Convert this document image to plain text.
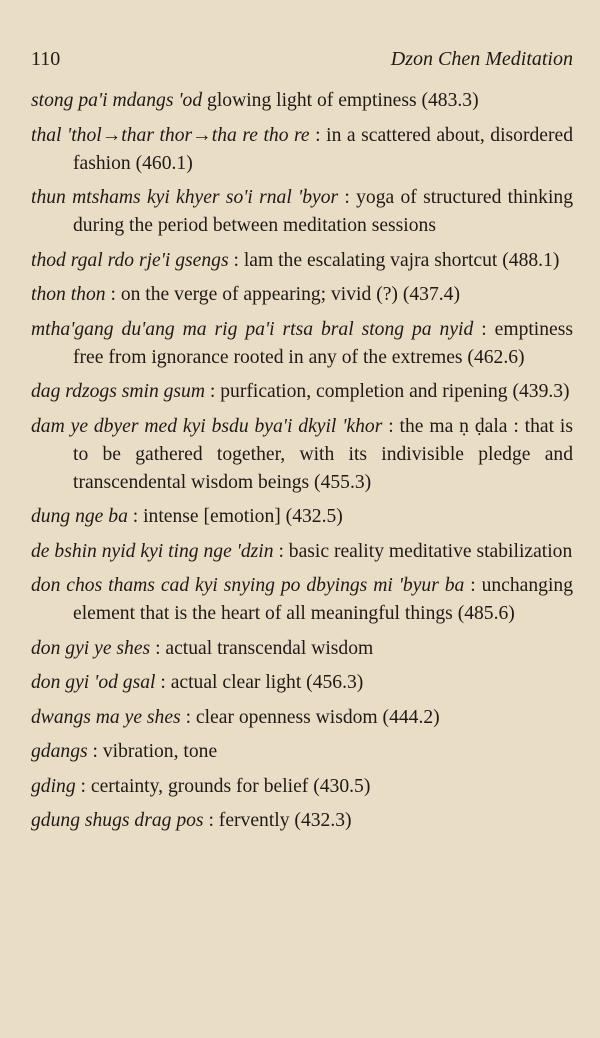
110	Dzon Chen Meditation
stong pa'i mdangs 'od glowing light of emptiness (483.3)
thal 'thol→thar thor→tha re tho re : in a scattered about, disordered fashion (460.1)
thun mtshams kyi khyer so'i rnal 'byor : yoga of structured thinking during the period between meditation sessions
thod rgal rdo rje'i gsengs : lam the escalating vajra shortcut (488.1)
thon thon : on the verge of appearing; vivid (?) (437.4)
mtha'gang du'ang ma rig pa'i rtsa bral stong pa nyid : emptiness free from ignorance rooted in any of the extremes (462.6)
dag rdzogs smin gsum : purfication, completion and ripening (439.3)
dam ye dbyer med kyi bsdu bya'i dkyil 'khor : the ma ṇ ḍala : that is to be gathered together, with its indivisible pledge and transcendental wisdom beings (455.3)
dung nge ba : intense [emotion] (432.5)
de bshin nyid kyi ting nge 'dzin : basic reality meditative stabilization
don chos thams cad kyi snying po dbyings mi 'byur ba : unchanging element that is the heart of all meaningful things (485.6)
don gyi ye shes : actual transcendal wisdom
don gyi 'od gsal : actual clear light (456.3)
dwangs ma ye shes : clear openness wisdom (444.2)
gdangs : vibration, tone
gding : certainty, grounds for belief (430.5)
gdung shugs drag pos : fervently (432.3)
